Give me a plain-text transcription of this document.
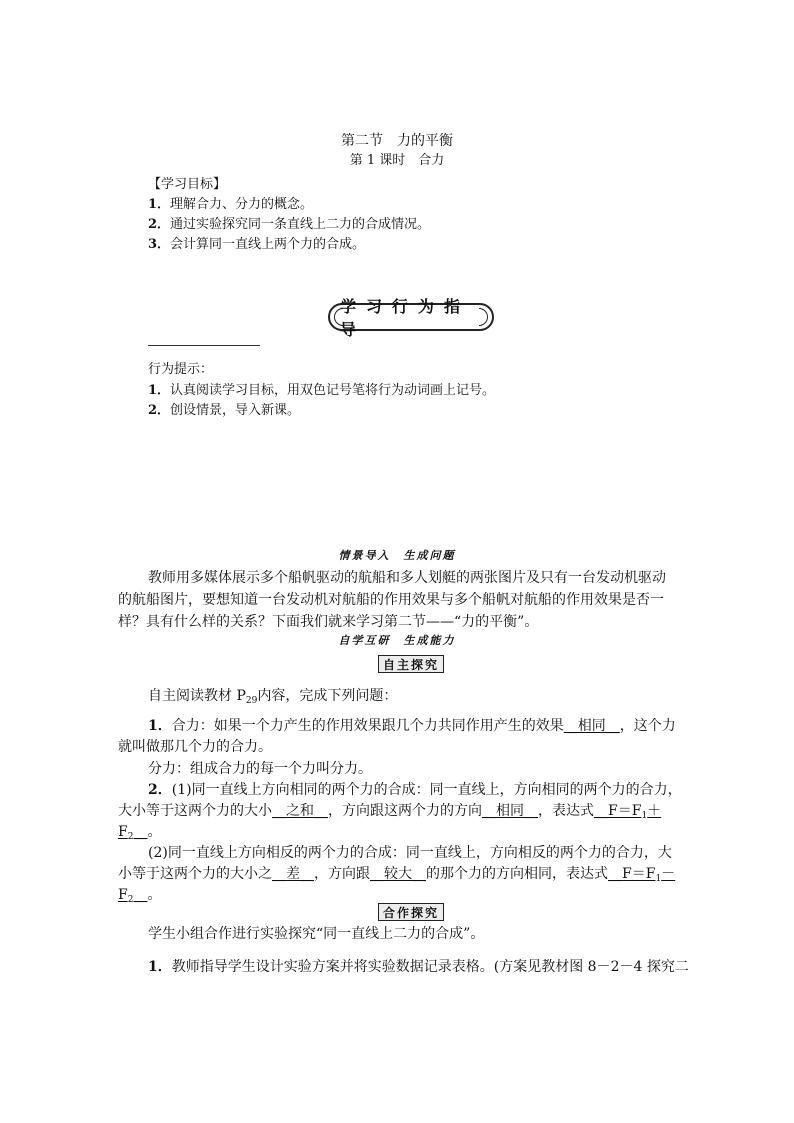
第二节　力的平衡
第 1 课时　合力
【学习目标】
1．理解合力、分力的概念。
2．通过实验探究同一条直线上二力的合成情况。
3．会计算同一直线上两个力的合成。
学习行为指导
行为提示：
1．认真阅读学习目标，用双色记号笔将行为动词画上记号。
2．创设情景，导入新课。
情景导入　生成问题
教师用多媒体展示多个船帆驱动的航船和多人划艇的两张图片及只有一台发动机驱动
的航船图片，要想知道一台发动机对航船的作用效果与多个船帆对航船的作用效果是否一
样？具有什么样的关系？下面我们就来学习第二节——“力的平衡”。
自学互研　生成能力
自主探究
自主阅读教材 $P_{29}$内容，完成下列问题：
1．合力：如果一个力产生的作用效果跟几个力共同作用产生的效果__相同__，这个力
就叫做那几个力的合力。
分力：组成合力的每一个力叫分力。
2．(1)同一直线上方向相同的两个力的合成：同一直线上，方向相同的两个力的合力，
大小等于这两个力的大小__之和__，方向跟这两个力的方向__相同__，表达式$\_\_F=F_1+$
$F_2\_\_$。
(2)同一直线上方向相反的两个力的合成：同一直线上，方向相反的两个力的合力，大
小等于这两个力的大小之__差__，方向跟__较大__的那个力的方向相同，表达式$\_\_F=F_1-$
$F_2\_\_$。
合作探究
学生小组合作进行实验探究“同一直线上二力的合成”。
1．教师指导学生设计实验方案并将实验数据记录表格。(方案见教材图 8－2－4 探究二
